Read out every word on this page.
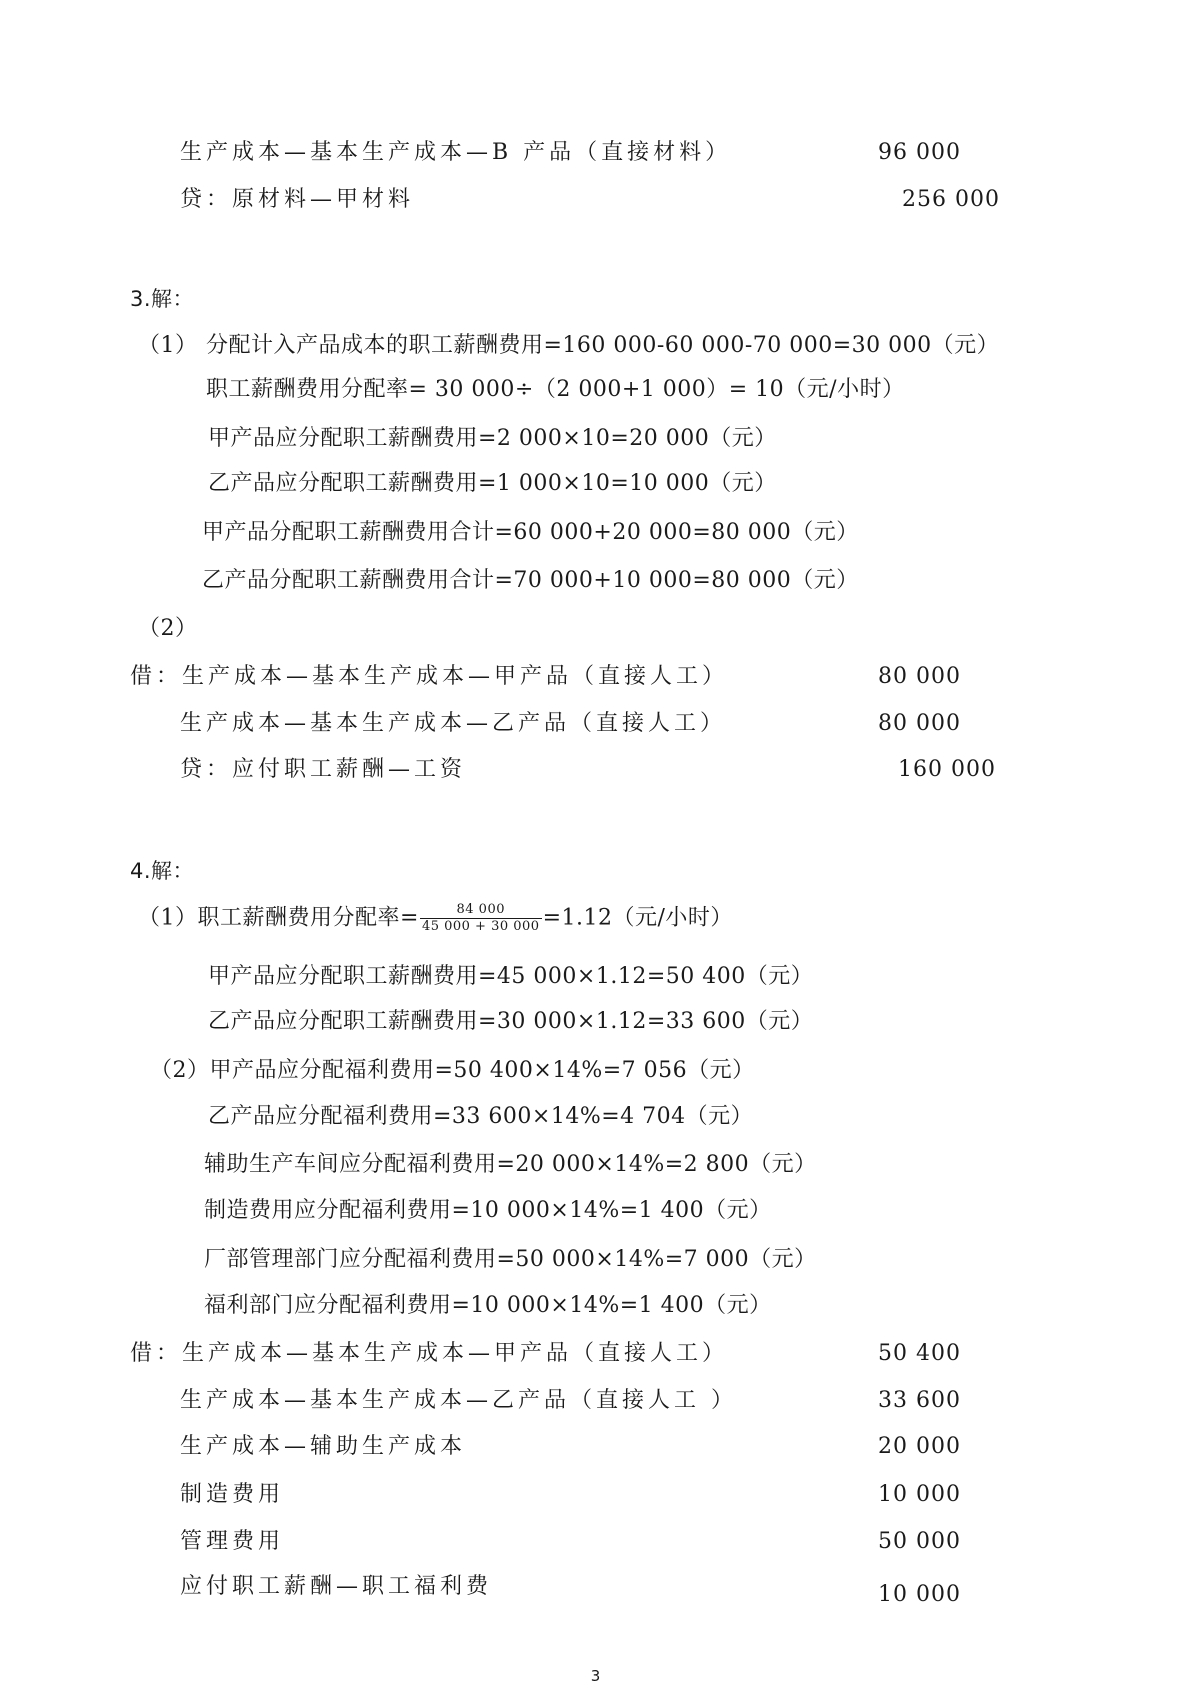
生产成本—基本生产成本—B 产品（直接材料）	96 000
贷：原材料—甲材料	256 000
3.解：
（1） 分配计入产品成本的职工薪酬费用=160 000-60 000-70 000=30 000（元）
职工薪酬费用分配率= 30 000÷（2 000+1 000）= 10（元/小时）
甲产品应分配职工薪酬费用=2 000×10=20 000（元）
乙产品应分配职工薪酬费用=1 000×10=10 000（元）
甲产品分配职工薪酬费用合计=60 000+20 000=80 000（元）
乙产品分配职工薪酬费用合计=70 000+10 000=80 000（元）
（2）
借：生产成本—基本生产成本—甲产品（直接人工）	80 000
生产成本—基本生产成本—乙产品（直接人工）	80 000
贷：应付职工薪酬—工资	160 000
4.解：
（1）职工薪酬费用分配率= $\frac{84 000}{45 000 + 30 000} =1.12$（元/小时）
甲产品应分配职工薪酬费用=45 000×1.12=50 400（元）
乙产品应分配职工薪酬费用=30 000×1.12=33 600（元）
（2）甲产品应分配福利费用=50 400×14%=7 056（元）
乙产品应分配福利费用=33 600×14%=4 704（元）
辅助生产车间应分配福利费用=20 000×14%=2 800（元）
制造费用应分配福利费用=10 000×14%=1 400（元）
厂部管理部门应分配福利费用=50 000×14%=7 000（元）
福利部门应分配福利费用=10 000×14%=1 400（元）
借：生产成本—基本生产成本—甲产品（直接人工）	50 400
生产成本—基本生产成本—乙产品（直接人工 ）	33 600
生产成本—辅助生产成本	20 000
制造费用	10 000
管理费用	50 000
应付职工薪酬—职工福利费	10 000
3
